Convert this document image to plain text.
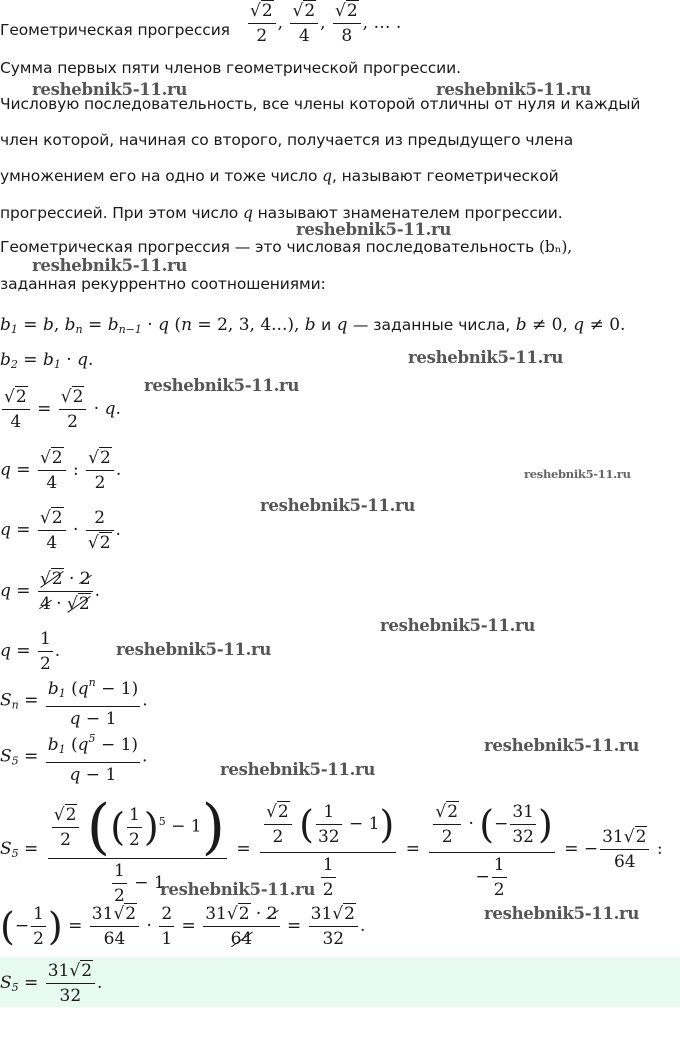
Геометрическая прогрессия $\frac{√2}{2}$ , $\frac{√2}{4}$ , $\frac{√2}{8}$ , … .
Сумма первых пяти членов геометрической прогрессии.
Числовую последовательность, все члены которой отличны от нуля и каждый
член которой, начиная со второго, получается из предыдущего члена
умножением его на одно и тоже число q, называют геометрической
прогрессией. При этом число q называют знаменателем прогрессии.
Геометрическая прогрессия — это числовая последовательность (bₙ),
заданная рекуррентно соотношениями:
$b_1 = b$, $b_n = b_{n-1} \cdot q$ (n = 2, 3, 4...), b и q — заданные числа, b ≠ 0, q ≠ 0.
$b_2 = b_1 \cdot q$.
$\frac{√2}{4} = \frac{√2}{2} \cdot q$.
$q = \frac{√2}{4}$ : $\frac{√2}{2}$ .
$q = \frac{√2}{4} \cdot \frac{2}{√2}$ .
$q = \frac{√2 \cdot 2}{4 \cdot √2}$ .
$q = \frac{1}{2}$ .
$S_n = \frac{b_1 (q^n - 1)}{q - 1}$ .
$S_5 = \frac{b_1 (q^5 - 1)}{q - 1}$ .
$S_5 = \frac{\frac{√2}{2} (( \frac{1}{2} )^5 - 1)}{\frac{1}{2} - 1} = \frac{\frac{√2}{2} ( \frac{1}{32} - 1)}{\frac{1}{2}} = \frac{\frac{√2}{2} \cdot (- \frac{31}{32} )}{- \frac{1}{2}}$ = − $\frac{31√2}{64}$ :
(− $\frac{1}{2}$ ) = $\frac{31√2}{64} \cdot \frac{2}{1} = \frac{31√2 \cdot 2}{64} = \frac{31√2}{32}$ .
$S_5 = \frac{31√2}{32}$ .
reshebnik5-11.ru	reshebnik5-11.ru
reshebnik5-11.ru
reshebnik5-11.ru
reshebnik5-11.ru
reshebnik5-11.ru
reshebnik5-11.ru
reshebnik5-11.ru
reshebnik5-11.ru
reshebnik5-11.ru
reshebnik5-11.ru
reshebnik5-11.ru
reshebnik5-11.ru
reshebnik5-11.ru
